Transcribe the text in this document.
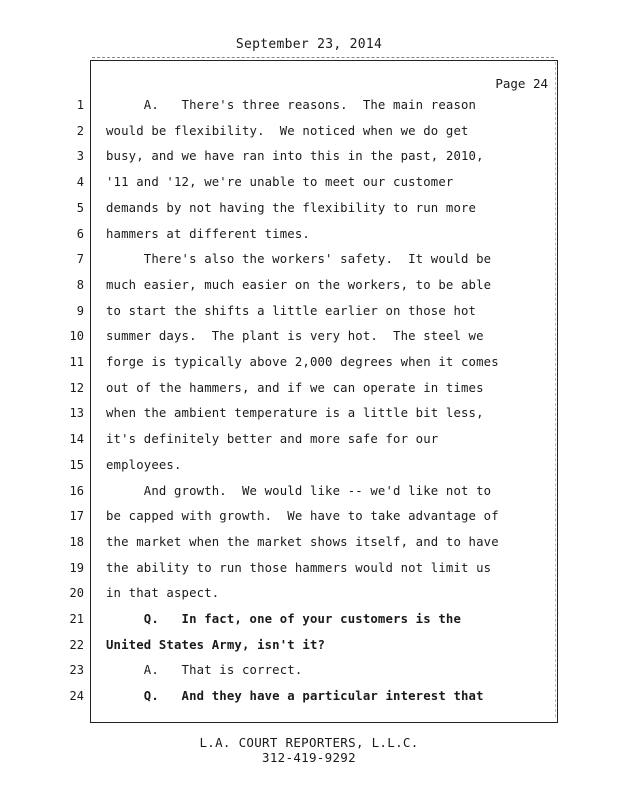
September 23, 2014
Page 24
1 A.   There's three reasons.  The main reason
2 would be flexibility.  We noticed when we do get
3 busy, and we have ran into this in the past, 2010,
4 '11 and '12, we're unable to meet our customer
5 demands by not having the flexibility to run more
6 hammers at different times.
7 There's also the workers' safety.  It would be
8 much easier, much easier on the workers, to be able
9 to start the shifts a little earlier on those hot
10 summer days.  The plant is very hot.  The steel we
11 forge is typically above 2,000 degrees when it comes
12 out of the hammers, and if we can operate in times
13 when the ambient temperature is a little bit less,
14 it's definitely better and more safe for our
15 employees.
16 And growth.  We would like -- we'd like not to
17 be capped with growth.  We have to take advantage of
18 the market when the market shows itself, and to have
19 the ability to run those hammers would not limit us
20 in that aspect.
21 Q.   In fact, one of your customers is the
22 United States Army, isn't it?
23 A.   That is correct.
24 Q.   And they have a particular interest that
L.A. COURT REPORTERS, L.L.C.
312-419-9292
